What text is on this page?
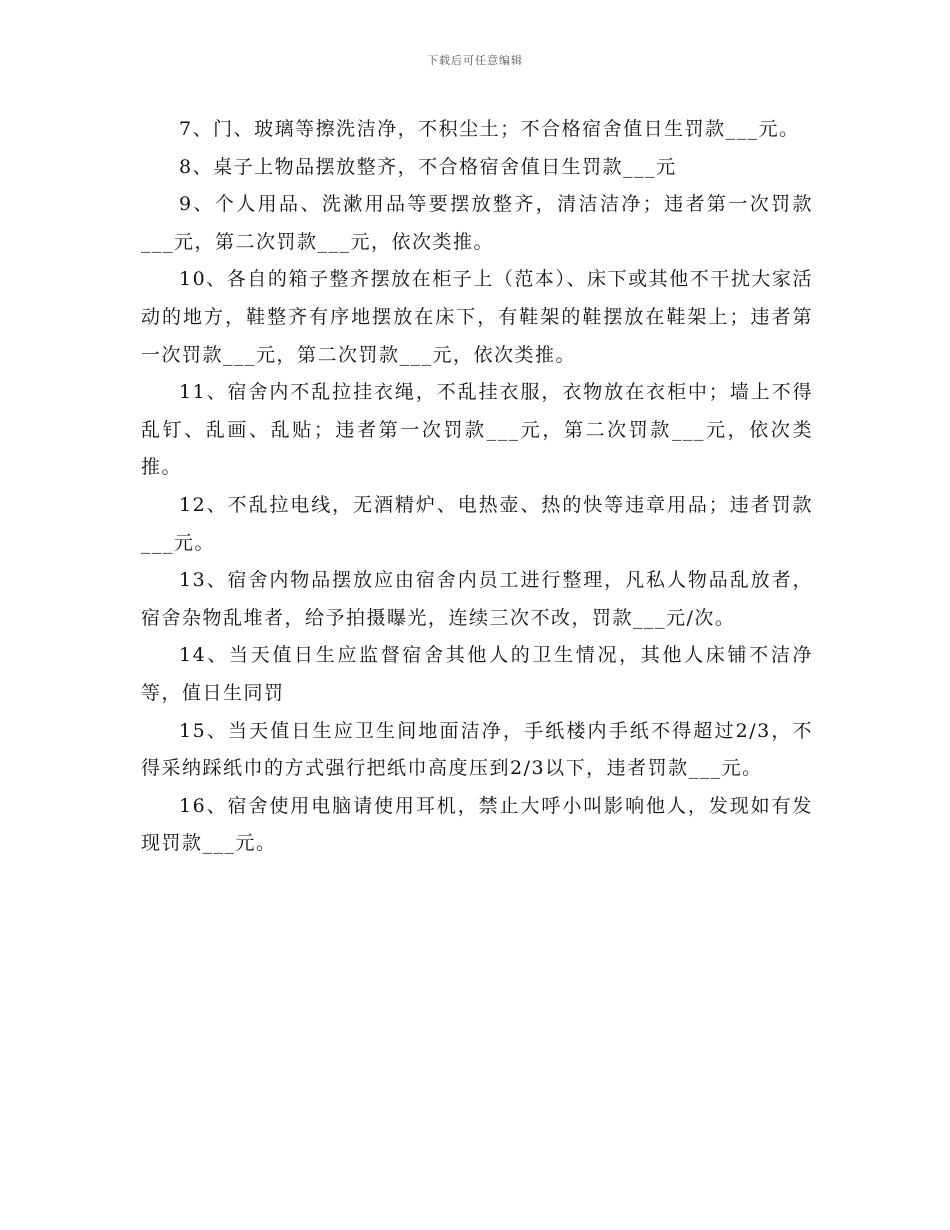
下载后可任意编辑

7、门、玻璃等擦洗洁净，不积尘土；不合格宿舍值日生罚款___元。

8、桌子上物品摆放整齐，不合格宿舍值日生罚款___元

9、个人用品、洗漱用品等要摆放整齐，清洁洁净；违者第一次罚款___元，第二次罚款___元，依次类推。

10、各自的箱子整齐摆放在柜子上（范本）、床下或其他不干扰大家活动的地方，鞋整齐有序地摆放在床下，有鞋架的鞋摆放在鞋架上；违者第一次罚款___元，第二次罚款___元，依次类推。

11、宿舍内不乱拉挂衣绳，不乱挂衣服，衣物放在衣柜中；墙上不得乱钉、乱画、乱贴；违者第一次罚款___元，第二次罚款___元，依次类推。

12、不乱拉电线，无酒精炉、电热壶、热的快等违章用品；违者罚款___元。

13、宿舍内物品摆放应由宿舍内员工进行整理，凡私人物品乱放者，宿舍杂物乱堆者，给予拍摄曝光，连续三次不改，罚款___元/次。

14、当天值日生应监督宿舍其他人的卫生情况，其他人床铺不洁净等，值日生同罚

15、当天值日生应卫生间地面洁净，手纸楼内手纸不得超过2/3，不得采纳踩纸巾的方式强行把纸巾高度压到2/3以下，违者罚款___元。

16、宿舍使用电脑请使用耳机，禁止大呼小叫影响他人，发现如有发现罚款___元。
